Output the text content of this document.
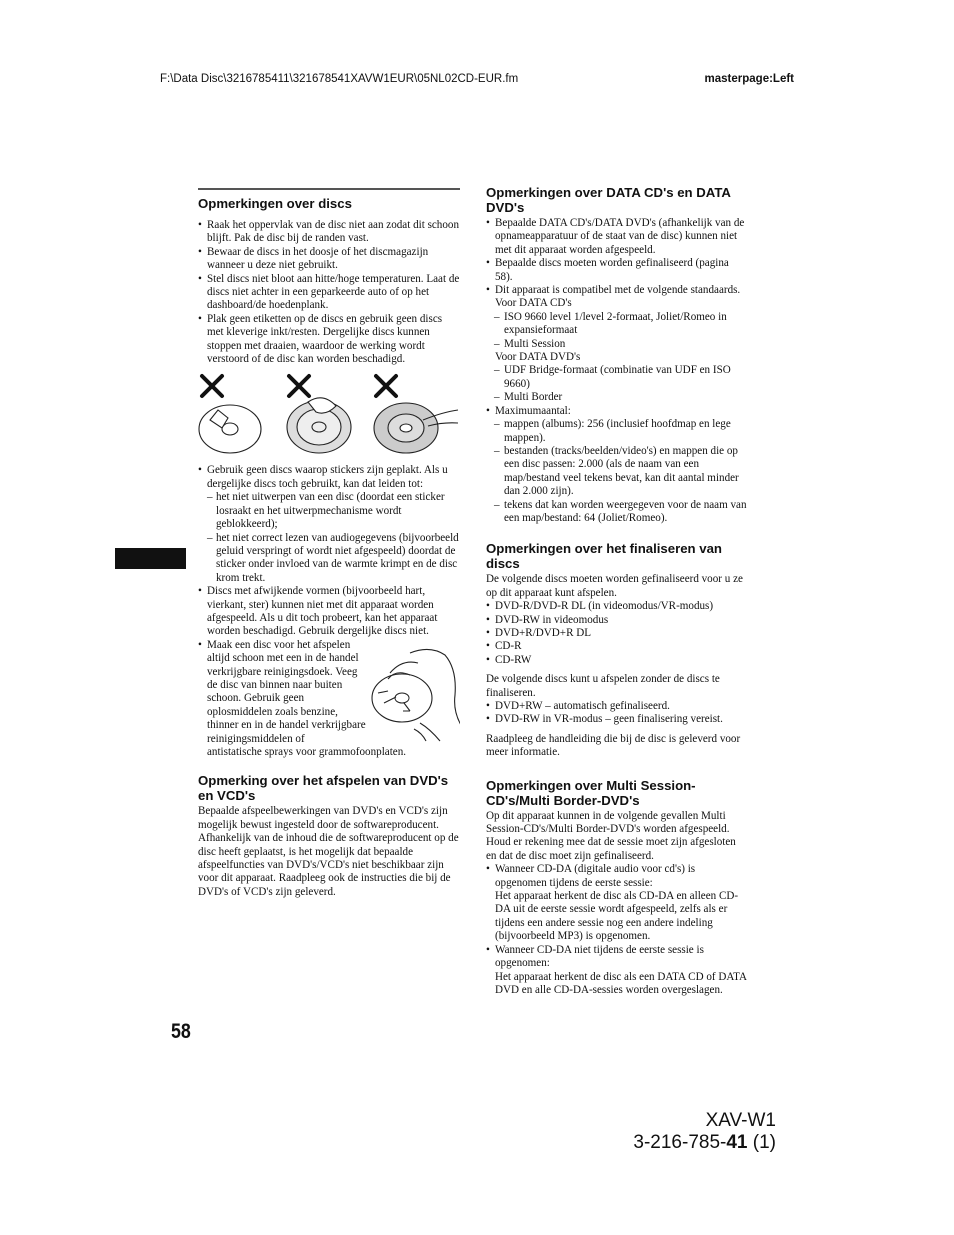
F:\Data Disc\3216785411\321678541XAVW1EUR\05NL02CD-EUR.fm	masterpage:Left
Opmerkingen over discs
• Raak het oppervlak van de disc niet aan zodat dit schoon blijft. Pak de disc bij de randen vast.
• Bewaar de discs in het doosje of het discmagazijn wanneer u deze niet gebruikt.
• Stel discs niet bloot aan hitte/hoge temperaturen. Laat de discs niet achter in een geparkeerde auto of op het dashboard/de hoedenplank.
• Plak geen etiketten op de discs en gebruik geen discs met kleverige inkt/resten. Dergelijke discs kunnen stoppen met draaien, waardoor de werking wordt verstoord of de disc kan worden beschadigd.
• Gebruik geen discs waarop stickers zijn geplakt. Als u dergelijke discs toch gebruikt, kan dat leiden tot:
– het niet uitwerpen van een disc (doordat een sticker losraakt en het uitwerpmechanisme wordt geblokkeerd);
– het niet correct lezen van audiogegevens (bijvoorbeeld geluid verspringt of wordt niet afgespeeld) doordat de sticker onder invloed van de warmte krimpt en de disc krom trekt.
• Discs met afwijkende vormen (bijvoorbeeld hart, vierkant, ster) kunnen niet met dit apparaat worden afgespeeld. Als u dit toch probeert, kan het apparaat worden beschadigd. Gebruik dergelijke discs niet.
• Maak een disc voor het afspelen altijd schoon met een in de handel verkrijgbare reinigingsdoek. Veeg de disc van binnen naar buiten schoon. Gebruik geen oplosmiddelen zoals benzine, thinner en in de handel verkrijgbare reinigingsmiddelen of
antistatische sprays voor grammofoonplaten.
Opmerking over het afspelen van DVD's en VCD's

Bepaalde afspeelbewerkingen van DVD's en VCD's zijn mogelijk bewust ingesteld door de softwareproducent. Afhankelijk van de inhoud die de softwareproducent op de disc heeft geplaatst, is het mogelijk dat bepaalde afspeelfuncties van DVD's/VCD's niet beschikbaar zijn voor dit apparaat. Raadpleeg ook de instructies die bij de DVD's of VCD's zijn geleverd.

Opmerkingen over DATA CD's en DATA DVD's
• Bepaalde DATA CD's/DATA DVD's (afhankelijk van de opnameapparatuur of de staat van de disc) kunnen niet met dit apparaat worden afgespeeld.
• Bepaalde discs moeten worden gefinaliseerd (pagina 58).
• Dit apparaat is compatibel met de volgende standaards.
Voor DATA CD's
– ISO 9660 level 1/level 2-formaat, Joliet/Romeo in expansieformaat
– Multi Session
Voor DATA DVD's
– UDF Bridge-formaat (combinatie van UDF en ISO 9660)
– Multi Border
• Maximumaantal:
– mappen (albums): 256 (inclusief hoofdmap en lege mappen).
– bestanden (tracks/beelden/video's) en mappen die op een disc passen: 2.000 (als de naam van een map/bestand veel tekens bevat, kan dit aantal minder dan 2.000 zijn).
– tekens dat kan worden weergegeven voor de naam van een map/bestand: 64 (Joliet/Romeo).
Opmerkingen over het finaliseren van discs

De volgende discs moeten worden gefinaliseerd voor u ze op dit apparaat kunt afspelen.

• DVD-R/DVD-R DL (in videomodus/VR-modus)
• DVD-RW in videomodus
• DVD+R/DVD+R DL
• CD-R
• CD-RW

De volgende discs kunt u afspelen zonder de discs te finaliseren.

• DVD+RW – automatisch gefinaliseerd.
• DVD-RW in VR-modus – geen finalisering vereist.

Raadpleeg de handleiding die bij de disc is geleverd voor meer informatie.

Opmerkingen over Multi Session-CD's/Multi Border-DVD's

Op dit apparaat kunnen in de volgende gevallen Multi Session-CD's/Multi Border-DVD's worden afgespeeld. Houd er rekening mee dat de sessie moet zijn afgesloten en dat de disc moet zijn gefinaliseerd.

• Wanneer CD-DA (digitale audio voor cd's) is opgenomen tijdens de eerste sessie:
Het apparaat herkent de disc als CD-DA en alleen CD-DA uit de eerste sessie wordt afgespeeld, zelfs als er tijdens een andere sessie nog een andere indeling (bijvoorbeeld MP3) is opgenomen.
• Wanneer CD-DA niet tijdens de eerste sessie is opgenomen:
Het apparaat herkent de disc als een DATA CD of DATA DVD en alle CD-DA-sessies worden overgeslagen.
58
XAV-W1
3-216-785-41 (1)
